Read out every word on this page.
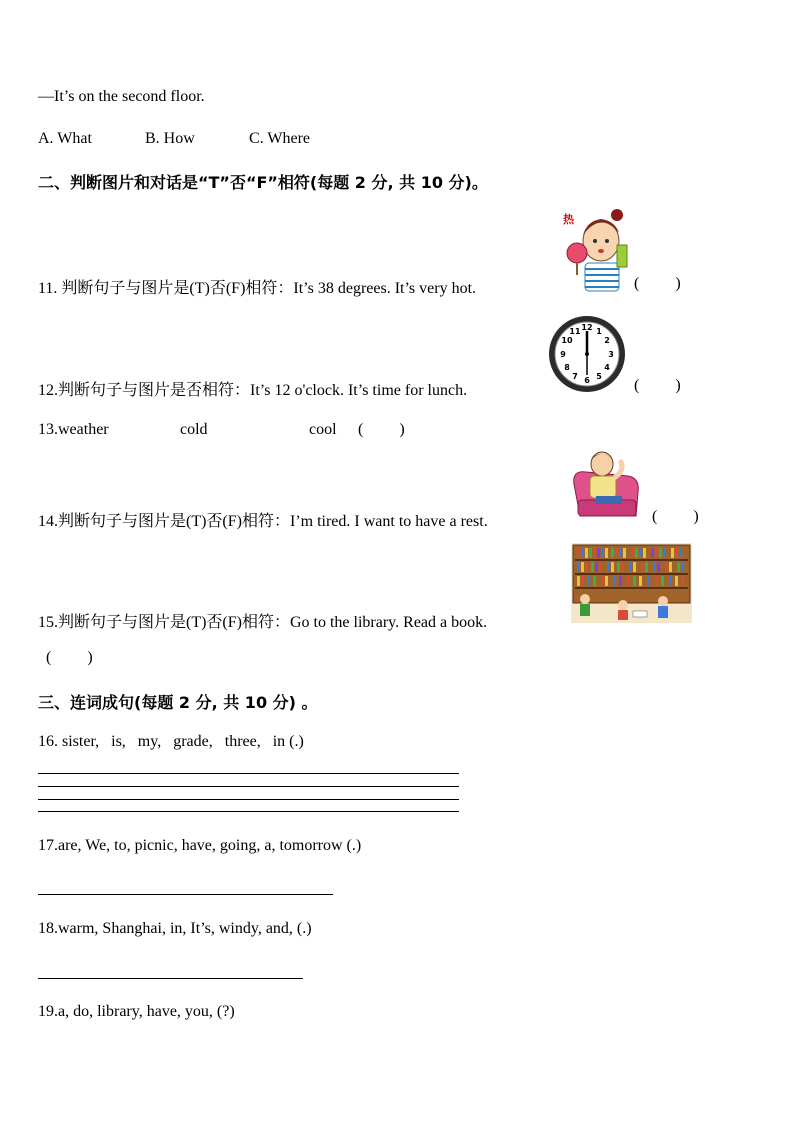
—It’s on the second floor.
A. What	B. How	C. Where
二、判断图片和对话是“T”否“F”相符(每题 2 分, 共 10 分)。
热
11. 判断句子与图片是(T)否(F)相符：It’s 38 degrees. It’s very hot.	(         )
12 1
2
3
4
5
6
7
8
9
10
11
12.判断句子与图片是否相符：It’s 12 o'clock. It’s time for lunch.	(         )
13.weather	cold	cool (         )
14.判断句子与图片是(T)否(F)相符：I’m tired. I want to have a rest.	(         )
15.判断句子与图片是(T)否(F)相符：Go to the library. Read a book.
(         )
三、连词成句(每题 2 分, 共 10 分) 。
16. sister,   is,   my,   grade,   three,   in (.)
17.are, We, to, picnic, have, going, a, tomorrow (.)
18.warm, Shanghai, in, It’s, windy, and, (.)
19.a, do, library, have, you, (?)
